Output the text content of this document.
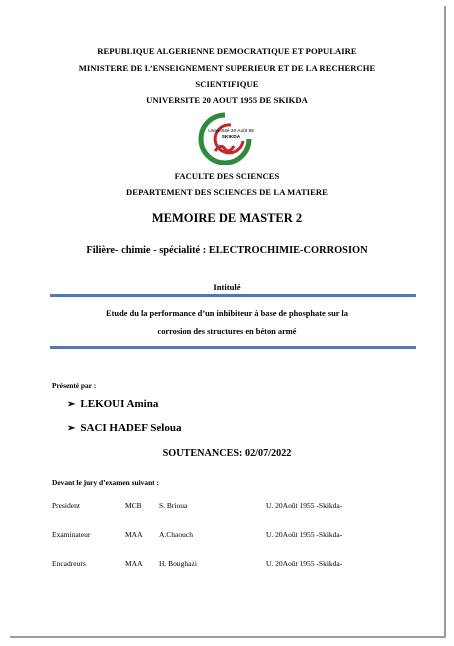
REPUBLIQUE ALGERIENNE DEMOCRATIQUE ET POPULAIRE
MINISTERE DE L’ENSEIGNEMENT SUPERIEUR ET DE LA RECHERCHE
SCIENTIFIQUE
UNIVERSITE 20 AOUT 1955 DE SKIKDA
Université 20 Août 55
SKIKDA
FACULTE DES SCIENCES
DEPARTEMENT DES SCIENCES DE LA MATIERE
MEMOIRE DE MASTER 2
Filière- chimie - spécialité : ELECTROCHIMIE-CORROSION
Intitulé
Etude du la performance d’un inhibiteur à base de phosphate sur la
corrosion des structures en béton armé
Présenté par :
➢ LEKOUI Amina
➢ SACI HADEF Seloua
SOUTENANCES: 02/07/2022
Devant le jury d’examen suivant :
President	MCB S. Brioua	U. 20Août 1955 -Skikda-
Examinateur	MAA A.Chaouch	U. 20Août 1955 -Skikda-
Encadreurs	MAA H. Boughazi	U. 20Août 1955 -Skikda-
